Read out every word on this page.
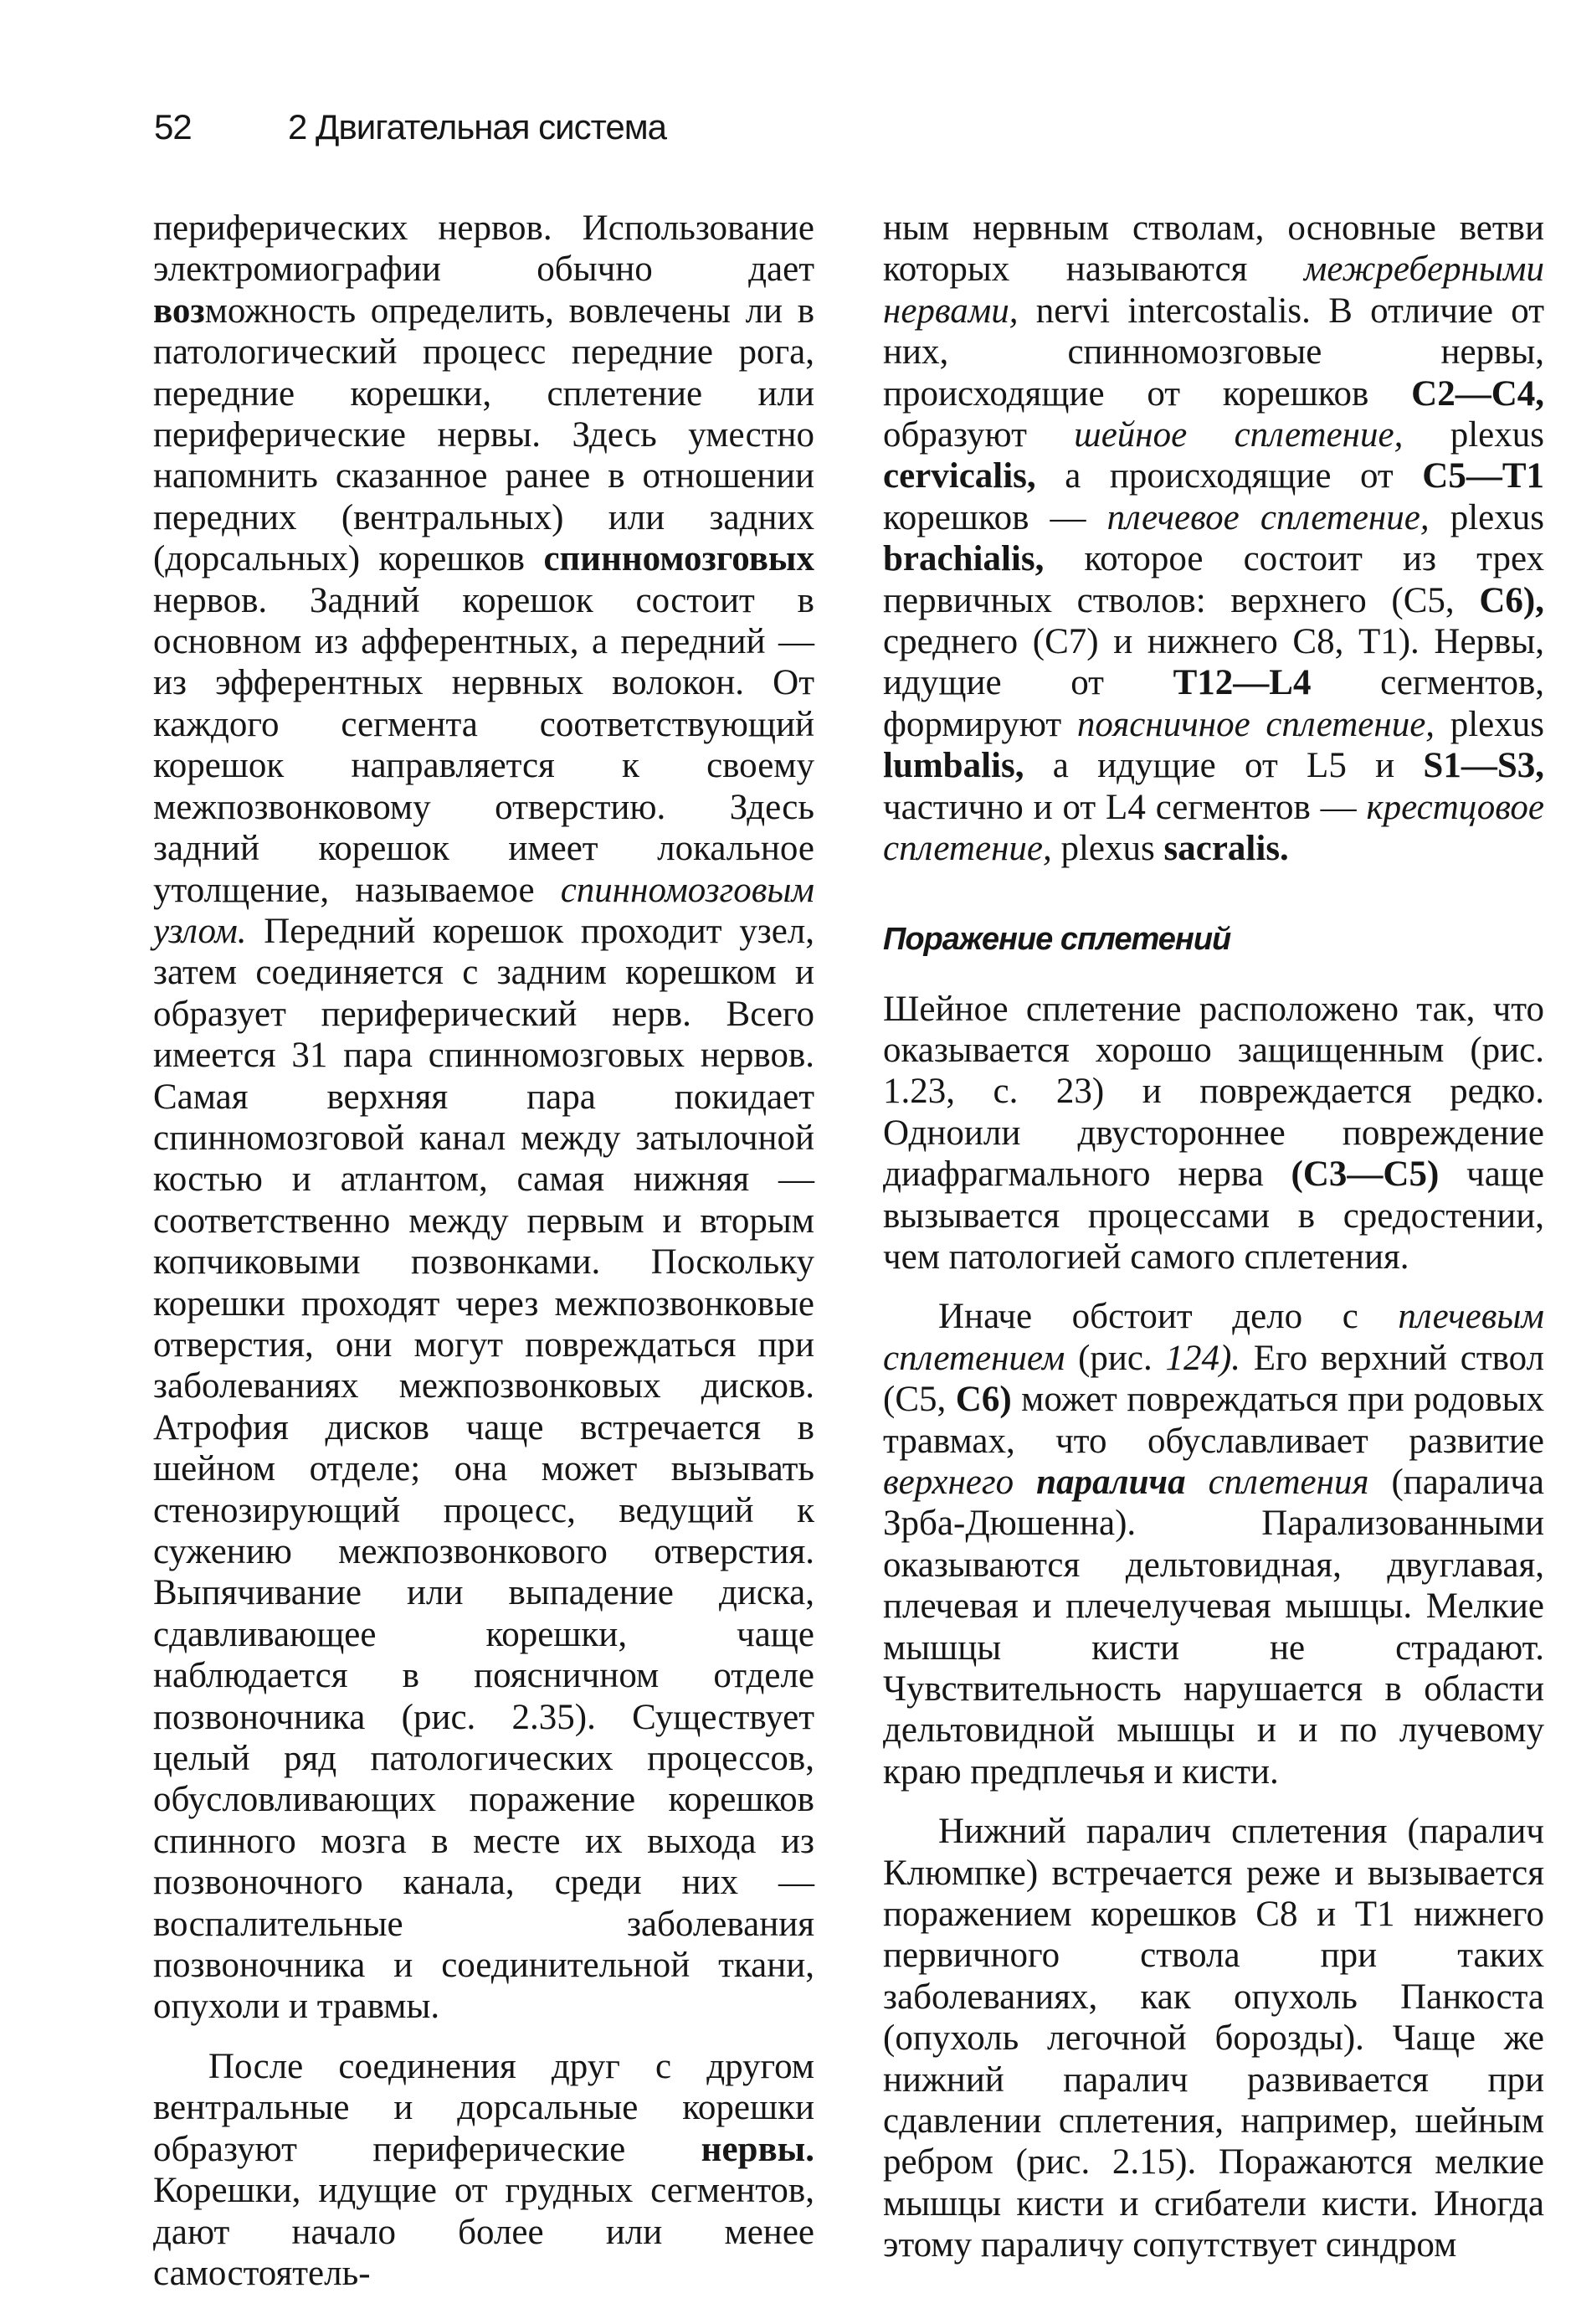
52	2 Двигательная система

периферических нервов. Использование электромиографии обычно дает возможность определить, вовлечены ли в патологический процесс передние рога, передние корешки, сплетение или периферические нервы. Здесь уместно напомнить сказанное ранее в отношении передних (вентральных) или задних (дорсальных) корешков спинномозговых нервов. Задний корешок состоит в основном из афферентных, а передний — из эфферентных нервных волокон. От каждого сегмента соответствующий корешок направляется к своему межпозвонковому отверстию. Здесь задний корешок имеет локальное утолщение, называемое спинномозговым узлом. Передний корешок проходит узел, затем соединяется с задним корешком и образует периферический нерв. Всего имеется 31 пара спинномозговых нервов. Самая верхняя пара покидает спинномозговой канал между затылочной костью и атлантом, самая нижняя — соответственно между первым и вторым копчиковыми позвонками. Поскольку корешки проходят через межпозвонковые отверстия, они могут повреждаться при заболеваниях межпозвонковых дисков. Атрофия дисков чаще встречается в шейном отделе; она может вызывать стенозирующий процесс, ведущий к сужению межпозвонкового отверстия. Выпячивание или выпадение диска, сдавливающее корешки, чаще наблюдается в поясничном отделе позвоночника (рис. 2.35). Существует целый ряд патологических процессов, обусловливающих поражение корешков спинного мозга в месте их выхода из позвоночного канала, среди них — воспалительные заболевания позвоночника и соединительной ткани, опухоли и травмы.

После соединения друг с другом вентральные и дорсальные корешки образуют периферические нервы. Корешки, идущие от грудных сегментов, дают начало более или менее самостоятель-

ным нервным стволам, основные ветви которых называются межреберными нервами, nervi intercostalis. В отличие от них, спинномозговые нервы, происходящие от корешков С2—С4, образуют шейное сплетение, plexus cervicalis, а происходящие от С5—Т1 корешков — плечевое сплетение, plexus brachialis, которое состоит из трех первичных стволов: верхнего (С5, С6), среднего (С7) и нижнего С8, Т1). Нервы, идущие от Т12—L4 сегментов, формируют поясничное сплетение, plexus lumbalis, а идущие от L5 и S1—S3, частично и от L4 сегментов — крестцовое сплетение, plexus sacralis.

Поражение сплетений

Шейное сплетение расположено так, что оказывается хорошо защищенным (рис. 1.23, с. 23) и повреждается редко. Одноили двустороннее повреждение диафрагмального нерва (С3—С5) чаще вызывается процессами в средостении, чем патологией самого сплетения.

Иначе обстоит дело с плечевым сплетением (рис. 124). Его верхний ствол (С5, С6) может повреждаться при родовых травмах, что обуславливает развитие верхнего паралича сплетения (паралича Зрба-Дюшенна). Парализованными оказываются дельтовидная, двуглавая, плечевая и плечелучевая мышцы. Мелкие мышцы кисти не страдают. Чувствительность нарушается в области дельтовидной мышцы и и по лучевому краю предплечья и кисти.

Нижний паралич сплетения (паралич Клюмпке) встречается реже и вызывается поражением корешков С8 и Т1 нижнего первичного ствола при таких заболеваниях, как опухоль Панкоста (опухоль легочной борозды). Чаще же нижний паралич развивается при сдавлении сплетения, например, шейным ребром (рис. 2.15). Поражаются мелкие мышцы кисти и сгибатели кисти. Иногда этому параличу сопутствует синдром
